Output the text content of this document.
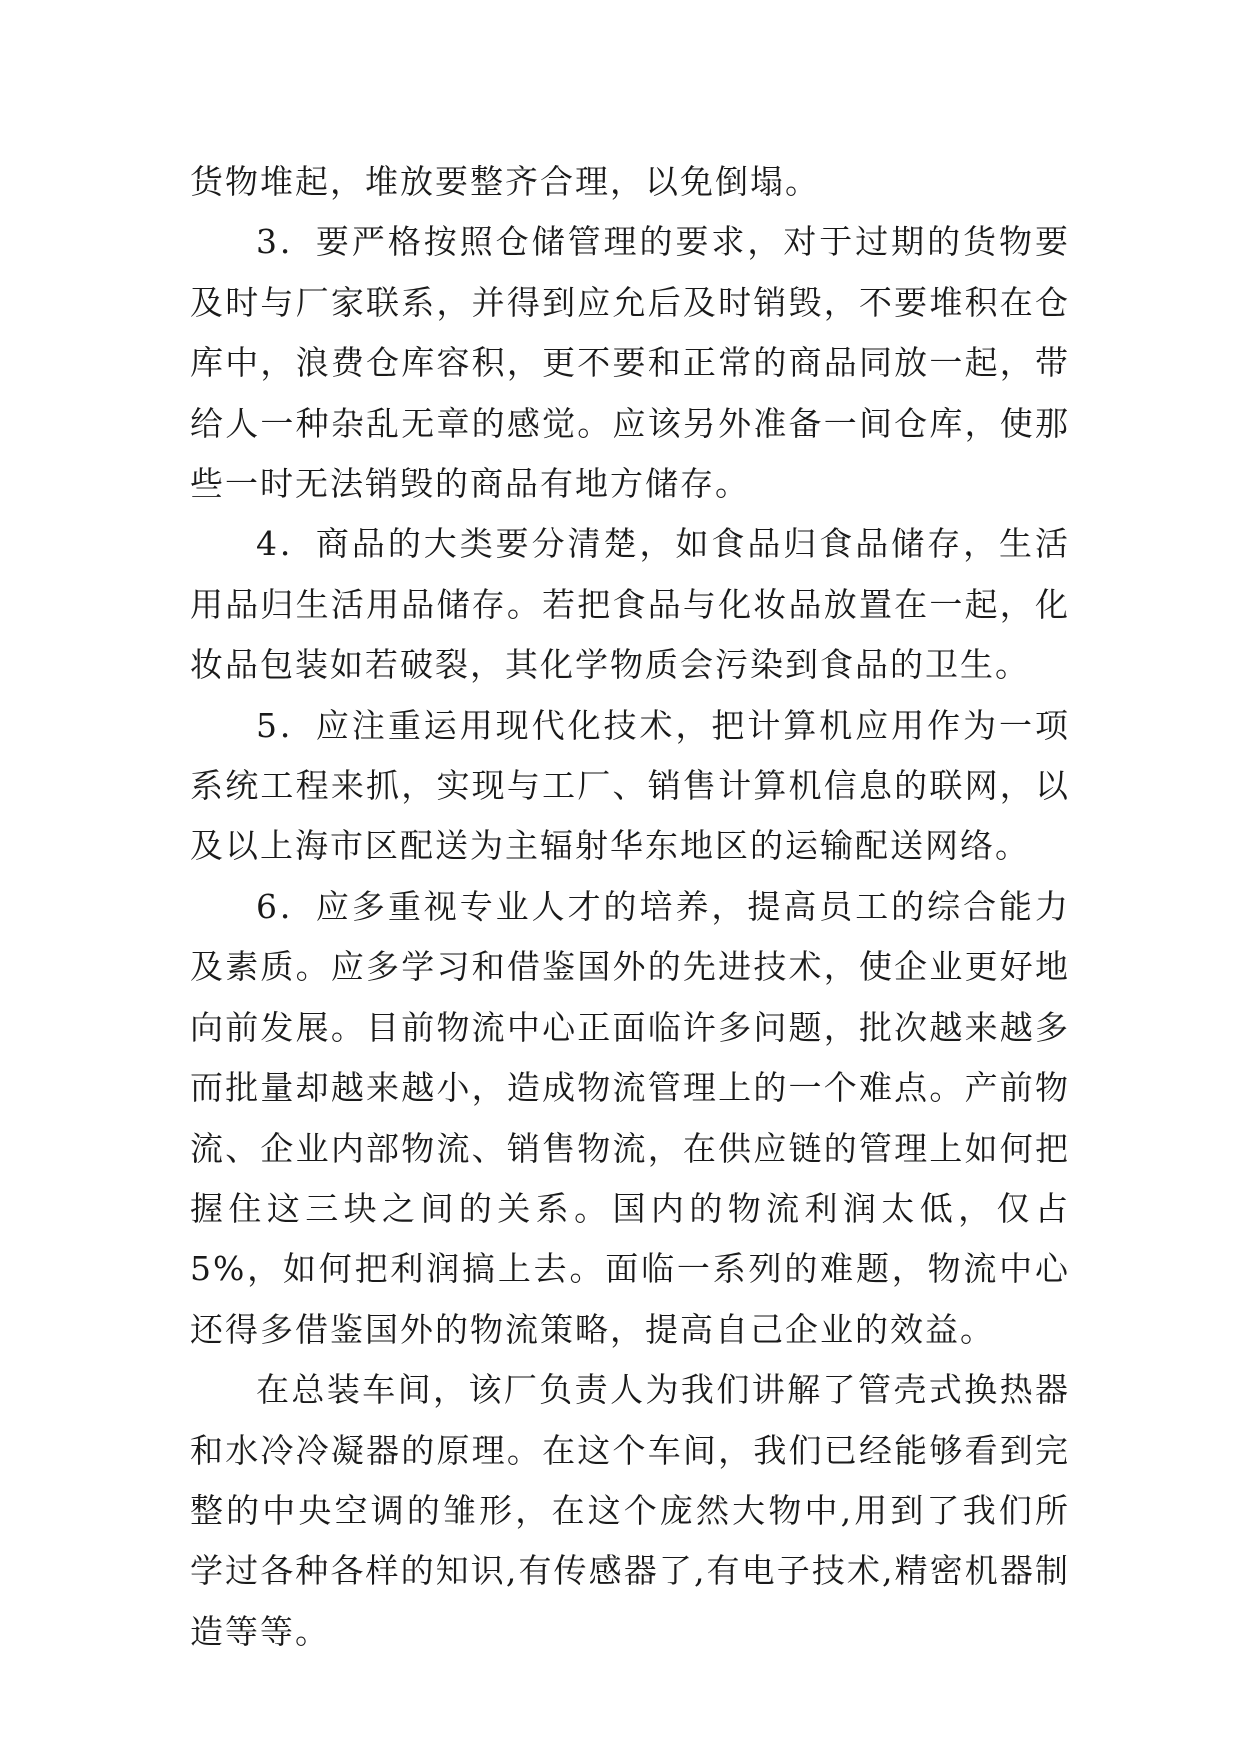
货物堆起，堆放要整齐合理，以免倒塌。

3．要严格按照仓储管理的要求，对于过期的货物要及时与厂家联系，并得到应允后及时销毁，不要堆积在仓库中，浪费仓库容积，更不要和正常的商品同放一起，带给人一种杂乱无章的感觉。应该另外准备一间仓库，使那些一时无法销毁的商品有地方储存。

4．商品的大类要分清楚，如食品归食品储存，生活用品归生活用品储存。若把食品与化妆品放置在一起，化妆品包装如若破裂，其化学物质会污染到食品的卫生。

5．应注重运用现代化技术，把计算机应用作为一项系统工程来抓，实现与工厂、销售计算机信息的联网，以及以上海市区配送为主辐射华东地区的运输配送网络。

6．应多重视专业人才的培养，提高员工的综合能力及素质。应多学习和借鉴国外的先进技术，使企业更好地向前发展。目前物流中心正面临许多问题，批次越来越多而批量却越来越小，造成物流管理上的一个难点。产前物流、企业内部物流、销售物流，在供应链的管理上如何把握住这三块之间的关系。国内的物流利润太低，仅占5%，如何把利润搞上去。面临一系列的难题，物流中心还得多借鉴国外的物流策略，提高自己企业的效益。

在总装车间，该厂负责人为我们讲解了管壳式换热器和水冷冷凝器的原理。在这个车间，我们已经能够看到完整的中央空调的雏形，在这个庞然大物中,用到了我们所学过各种各样的知识,有传感器了,有电子技术,精密机器制造等等。
